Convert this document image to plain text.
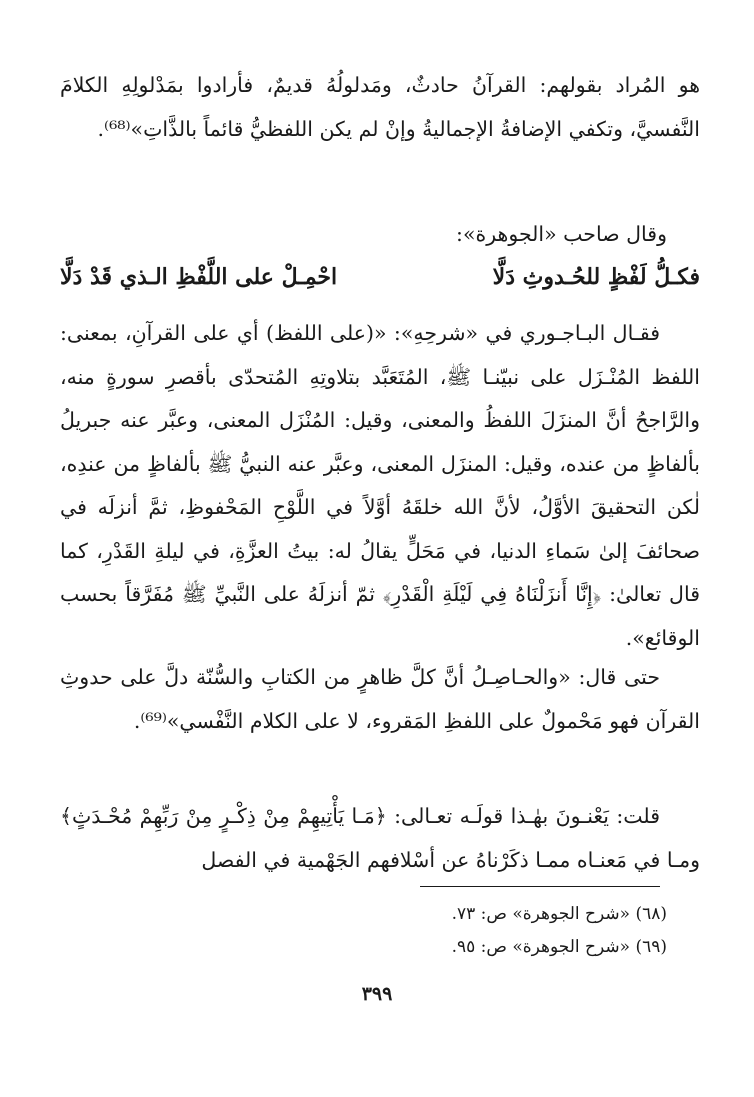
هو المُراد بقولهم: القرآنُ حادثٌ، ومَدلولُهُ قديمٌ، فأرادوا بمَدْلولِهِ الكلامَ النَّفسيَّ، وتكفي الإضافةُ الإجماليةُ وإنْ لم يكن اللفظيُّ قائماً بالذَّاتِ»⁽⁶⁸⁾.

وقال صاحب «الجوهرة»:
فكـلُّ لَفْظٍ للحُـدوثِ دَلَّا
احْمِـلْ على اللَّفْظِ الـذي قَدْ دَلَّا

فقـال البـاجـوري في «شرحِهِ»: «(على اللفظ) أي على القرآنِ، بمعنى: اللفظ المُنْـزَل على نبيّنـا ﷺ، المُتَعَبَّد بتلاوتِهِ المُتحدّى بأقصرِ سورةٍ منه، والرَّاجحُ أنَّ المنزَلَ اللفظُ والمعنى، وقيل: المُنْزَل المعنى، وعبَّر عنه جبريلُ بألفاظٍ من عنده، وقيل: المنزَل المعنى، وعبَّر عنه النبيُّ ﷺ بألفاظٍ من عندِه، لٰكن التحقيقَ الأوَّلُ، لأنَّ الله خلقَهُ أوَّلاً في اللَّوْحِ المَحْفوظِ، ثمَّ أنزلَه في صحائفَ إلىٰ سَماءِ الدنيا، في مَحَلٍّ يقالُ له: بيتُ العزَّةِ، في ليلةِ القَدْرِ، كما قال تعالىٰ: ﴿إِنَّا أَنزَلْنَاهُ فِي لَيْلَةِ الْقَدْرِ﴾ ثمّ أنزلَهُ على النَّبيِّ ﷺ مُفَرَّقاً بحسب الوقائع».

حتى قال: «والحـاصِـلُ أنَّ كلَّ ظاهرٍ من الكتابِ والسُّنّة دلَّ على حدوثِ القرآن فهو مَحْمولٌ على اللفظِ المَقروء، لا على الكلام النَّفْسي»⁽⁶⁹⁾.

قلت: يَعْنـونَ بهٰـذا قولَـه تعـالى: ﴿مَـا يَأْتِيهِمْ مِنْ ذِكْـرٍ مِنْ رَبِّهِمْ مُحْـدَثٍ﴾ ومـا في مَعنـاه ممـا ذكَرْناهُ عن أسْلافهم الجَهْمية في الفصل

(٦٨) «شرح الجوهرة» ص: ٧٣.
(٦٩) «شرح الجوهرة» ص: ٩٥.
٣٩٩
